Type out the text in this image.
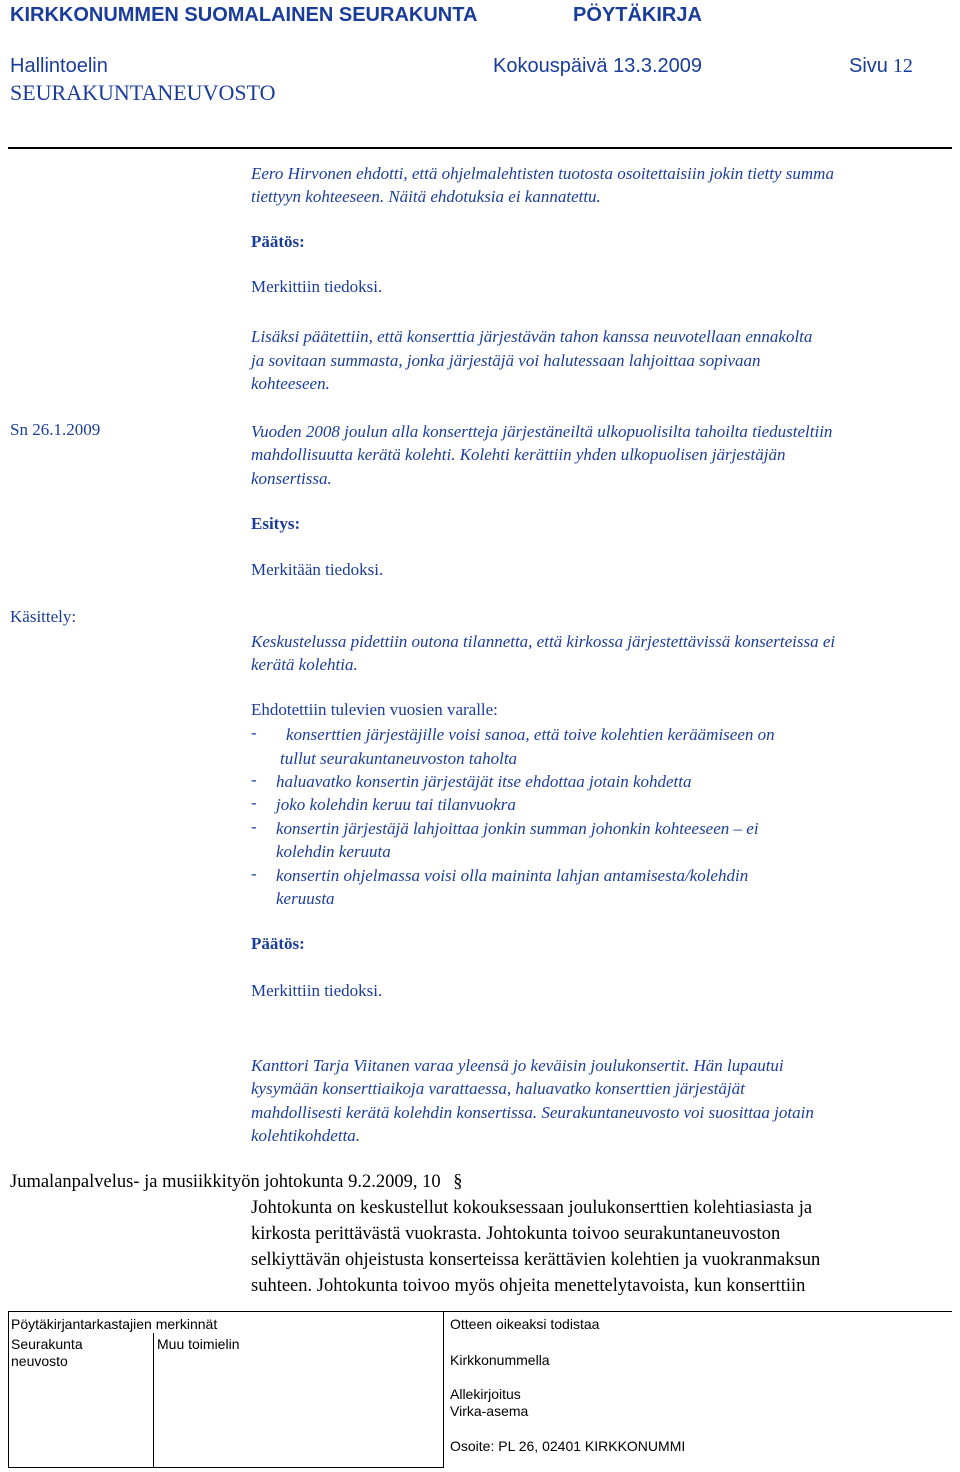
KIRKKONUMMEN SUOMALAINEN SEURAKUNTA	PÖYTÄKIRJA
Hallintoelin	Kokouspäivä 13.3.2009	Sivu 12
SEURAKUNTANEUVOSTO
Eero Hirvonen ehdotti, että ohjelmalehtisten tuotosta osoitettaisiin jokin tietty summa
tiettyyn kohteeseen. Näitä ehdotuksia ei kannatettu.
Päätös:
Merkittiin tiedoksi.
Lisäksi päätettiin, että konserttia järjestävän tahon kanssa neuvotellaan ennakolta
ja sovitaan summasta, jonka järjestäjä voi halutessaan lahjoittaa sopivaan
kohteeseen.
Sn 26.1.2009	Vuoden 2008 joulun alla konsertteja järjestäneiltä ulkopuolisilta tahoilta tiedusteltiin
mahdollisuutta kerätä kolehti. Kolehti kerättiin yhden ulkopuolisen järjestäjän
konsertissa.
Esitys:
Merkitään tiedoksi.
Käsittely:
Keskustelussa pidettiin outona tilannetta, että kirkossa järjestettävissä konserteissa ei
kerätä kolehtia.
Ehdotettiin tulevien vuosien varalle:
- konserttien järjestäjille voisi sanoa, että toive kolehtien keräämiseen on
tullut seurakuntaneuvoston taholta
- haluavatko konsertin järjestäjät itse ehdottaa jotain kohdetta
- joko kolehdin keruu tai tilanvuokra
- konsertin järjestäjä lahjoittaa jonkin summan johonkin kohteeseen – ei
kolehdin keruuta
- konsertin ohjelmassa voisi olla maininta lahjan antamisesta/kolehdin
keruusta
Päätös:
Merkittiin tiedoksi.
Kanttori Tarja Viitanen varaa yleensä jo keväisin joulukonsertit. Hän lupautui
kysymään konserttiaikoja varattaessa, haluavatko konserttien järjestäjät
mahdollisesti kerätä kolehdin konsertissa. Seurakuntaneuvosto voi suosittaa jotain
kolehtikohdetta.
Jumalanpalvelus- ja musiikkityön johtokunta 9.2.2009, 10 §
Johtokunta on keskustellut kokouksessaan joulukonserttien kolehtiasiasta ja
kirkosta perittävästä vuokrasta. Johtokunta toivoo seurakuntaneuvoston
selkiyttävän ohjeistusta konserteissa kerättävien kolehtien ja vuokranmaksun
suhteen. Johtokunta toivoo myös ohjeita menettelytavoista, kun konserttiin
Pöytäkirjantarkastajien merkinnät
Seurakunta
neuvosto
Muu toimielin
Otteen oikeaksi todistaa
Kirkkonummella
Allekirjoitus
Virka-asema
Osoite: PL 26, 02401 KIRKKONUMMI
